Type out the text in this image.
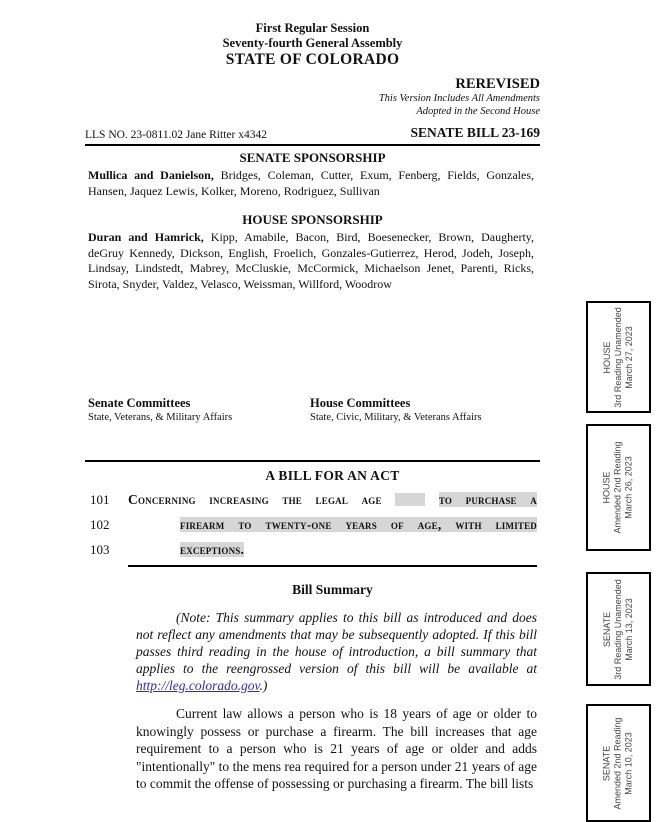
First Regular Session
Seventy-fourth General Assembly
STATE OF COLORADO
REREVISED
This Version Includes All Amendments
Adopted in the Second House
LLS NO. 23-0811.02 Jane Ritter x4342	SENATE BILL 23-169
SENATE SPONSORSHIP
Mullica and Danielson, Bridges, Coleman, Cutter, Exum, Fenberg, Fields, Gonzales, Hansen, Jaquez Lewis, Kolker, Moreno, Rodriguez, Sullivan
HOUSE SPONSORSHIP
Duran and Hamrick, Kipp, Amabile, Bacon, Bird, Boesenecker, Brown, Daugherty, deGruy Kennedy, Dickson, English, Froelich, Gonzales-Gutierrez, Herod, Jodeh, Joseph, Lindsay, Lindstedt, Mabrey, McCluskie, McCormick, Michaelson Jenet, Parenti, Ricks, Sirota, Snyder, Valdez, Velasco, Weissman, Willford, Woodrow
Senate Committees
State, Veterans, & Military Affairs
House Committees
State, Civic, Military, & Veterans Affairs
A BILL FOR AN ACT
101	Concerning increasing the legal age	to purchase a
102	firearm to twenty-one years of age, with limited
103	exceptions.
Bill Summary
(Note: This summary applies to this bill as introduced and does not reflect any amendments that may be subsequently adopted. If this bill passes third reading in the house of introduction, a bill summary that applies to the reengrossed version of this bill will be available at http://leg.colorado.gov.)
Current law allows a person who is 18 years of age or older to knowingly possess or purchase a firearm. The bill increases that age requirement to a person who is 21 years of age or older and adds "intentionally" to the mens rea required for a person under 21 years of age to commit the offense of possessing or purchasing a firearm. The bill lists
HOUSE 3rd Reading Unamended March 27, 2023
HOUSE Amended 2nd Reading March 26, 2023
SENATE 3rd Reading Unamended March 13, 2023
SENATE Amended 2nd Reading March 10, 2023
